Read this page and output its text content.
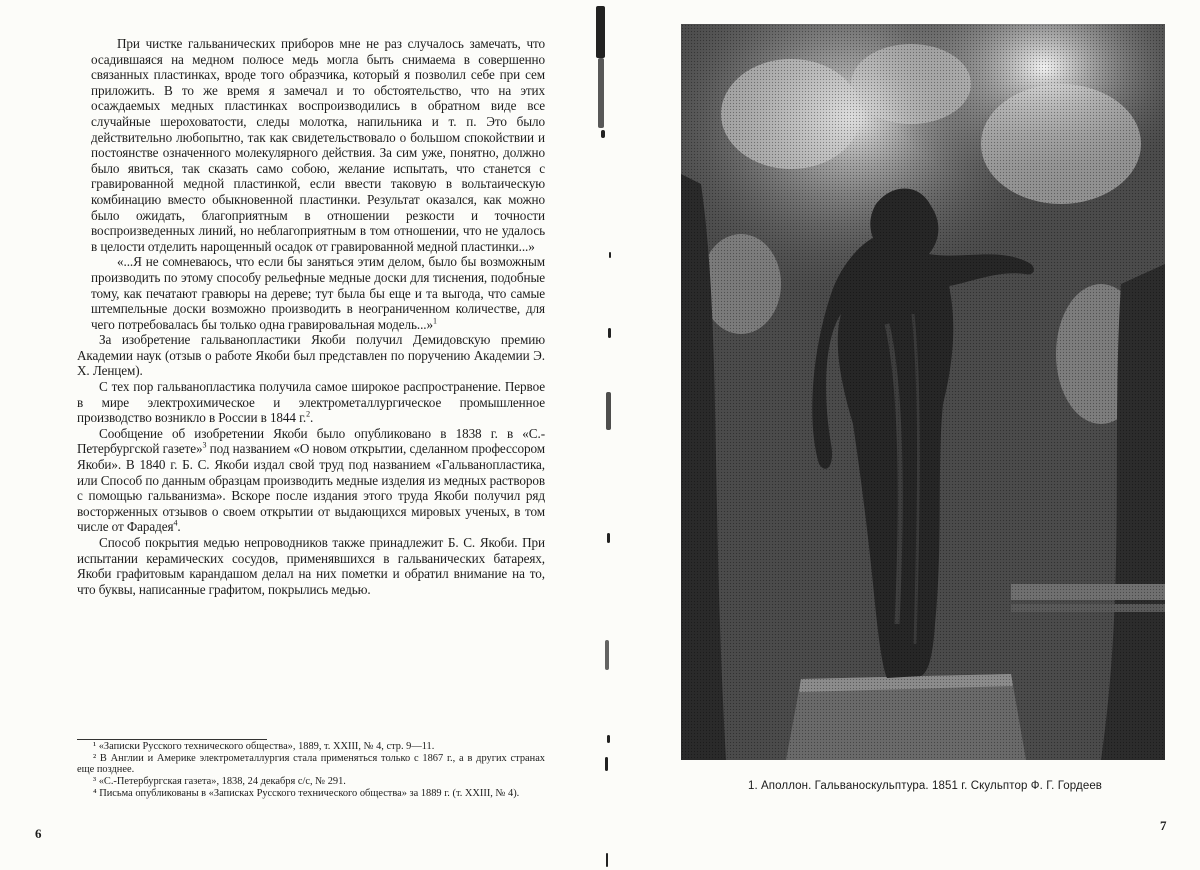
При чистке гальванических приборов мне не раз случалось замечать, что осадившаяся на медном полюсе медь могла быть снимаема в совершенно связанных пластинках, вроде того образчика, который я позволил себе при сем приложить. В то же время я замечал и то обстоятельство, что на этих осаждаемых медных пластинках воспроизводились в обратном виде все случайные шероховатости, следы молотка, напильника и т. п. Это было действительно любопытно, так как свидетельствовало о большом спокойствии и постоянстве означенного молекулярного действия. За сим уже, понятно, должно было явиться, так сказать само собою, желание испытать, что станется с гравированной медной пластинкой, если ввести таковую в вольтаическую комбинацию вместо обыкновенной пластинки. Результат оказался, как можно было ожидать, благоприятным в отношении резкости и точности воспроизведенных линий, но неблагоприятным в том отношении, что не удалось в целости отделить нарощенный осадок от гравированной медной пластинки...»

«...Я не сомневаюсь, что если бы заняться этим делом, было бы возможным производить по этому способу рельефные медные доски для тиснения, подобные тому, как печатают гравюры на дереве; тут была бы еще и та выгода, что самые штемпельные доски возможно производить в неограниченном количестве, для чего потребовалась бы только одна гравировальная модель...»$^1$

За изобретение гальванопластики Якоби получил Демидовскую премию Академии наук (отзыв о работе Якоби был представлен по поручению Академии Э. Х. Ленцем).

С тех пор гальванопластика получила самое широкое распространение. Первое в мире электрохимическое и электрометаллургическое промышленное производство возникло в России в 1844 г.$^2$.

Сообщение об изобретении Якоби было опубликовано в 1838 г. в «С.-Петербургской газете»$^3$ под названием «О новом открытии, сделанном профессором Якоби». В 1840 г. Б. С. Якоби издал свой труд под названием «Гальванопластика, или Способ по данным образцам производить медные изделия из медных растворов с помощью гальванизма». Вскоре после издания этого труда Якоби получил ряд восторженных отзывов о своем открытии от выдающихся мировых ученых, в том числе от Фарадея$^4$.

Способ покрытия медью непроводников также принадлежит Б. С. Якоби. При испытании керамических сосудов, применявшихся в гальванических батареях, Якоби графитовым карандашом делал на них пометки и обратил внимание на то, что буквы, написанные графитом, покрылись медью.

¹ «Записки Русского технического общества», 1889, т. XXIII, № 4, стр. 9—11.

² В Англии и Америке электрометаллургия стала применяться только с 1867 г., а в других странах еще позднее.

³ «С.-Петербургская газета», 1838, 24 декабря с/с, № 291.

⁴ Письма опубликованы в «Записках Русского технического общества» за 1889 г. (т. XXIII, № 4).

6
1. Аполлон. Гальваноскульптура. 1851 г. Скульптор Ф. Г. Гордеев
7
